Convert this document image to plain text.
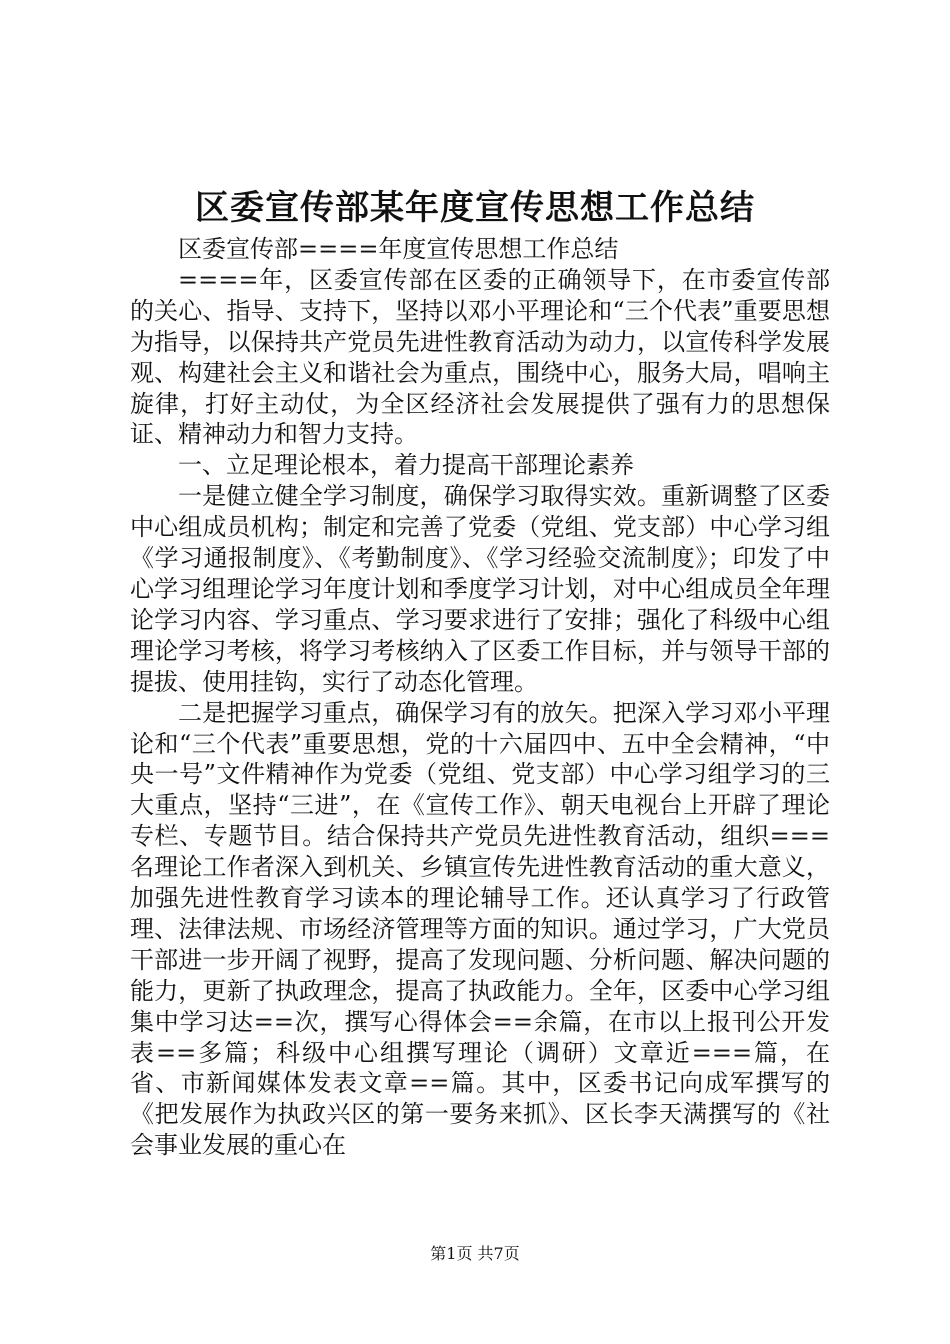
区委宣传部某年度宣传思想工作总结

区委宣传部====年度宣传思想工作总结

====年，区委宣传部在区委的正确领导下，在市委宣传部的关心、指导、支持下，坚持以邓小平理论和“三个代表”重要思想为指导，以保持共产党员先进性教育活动为动力，以宣传科学发展观、构建社会主义和谐社会为重点，围绕中心，服务大局，唱响主旋律，打好主动仗，为全区经济社会发展提供了强有力的思想保证、精神动力和智力支持。

一、立足理论根本，着力提高干部理论素养

一是健立健全学习制度，确保学习取得实效。重新调整了区委中心组成员机构；制定和完善了党委（党组、党支部）中心学习组《学习通报制度》、《考勤制度》、《学习经验交流制度》；印发了中心学习组理论学习年度计划和季度学习计划，对中心组成员全年理论学习内容、学习重点、学习要求进行了安排；强化了科级中心组理论学习考核，将学习考核纳入了区委工作目标，并与领导干部的提拔、使用挂钩，实行了动态化管理。

二是把握学习重点，确保学习有的放矢。把深入学习邓小平理论和“三个代表”重要思想，党的十六届四中、五中全会精神，“中央一号”文件精神作为党委（党组、党支部）中心学习组学习的三大重点，坚持“三进”，在《宣传工作》、朝天电视台上开辟了理论专栏、专题节目。结合保持共产党员先进性教育活动，组织===名理论工作者深入到机关、乡镇宣传先进性教育活动的重大意义，加强先进性教育学习读本的理论辅导工作。还认真学习了行政管理、法律法规、市场经济管理等方面的知识。通过学习，广大党员干部进一步开阔了视野，提高了发现问题、分析问题、解决问题的能力，更新了执政理念，提高了执政能力。全年，区委中心学习组集中学习达==次，撰写心得体会==余篇，在市以上报刊公开发表==多篇；科级中心组撰写理论（调研）文章近===篇，在省、市新闻媒体发表文章==篇。其中，区委书记向成军撰写的《把发展作为执政兴区的第一要务来抓》、区长李天满撰写的《社会事业发展的重心在

第1页 共7页
